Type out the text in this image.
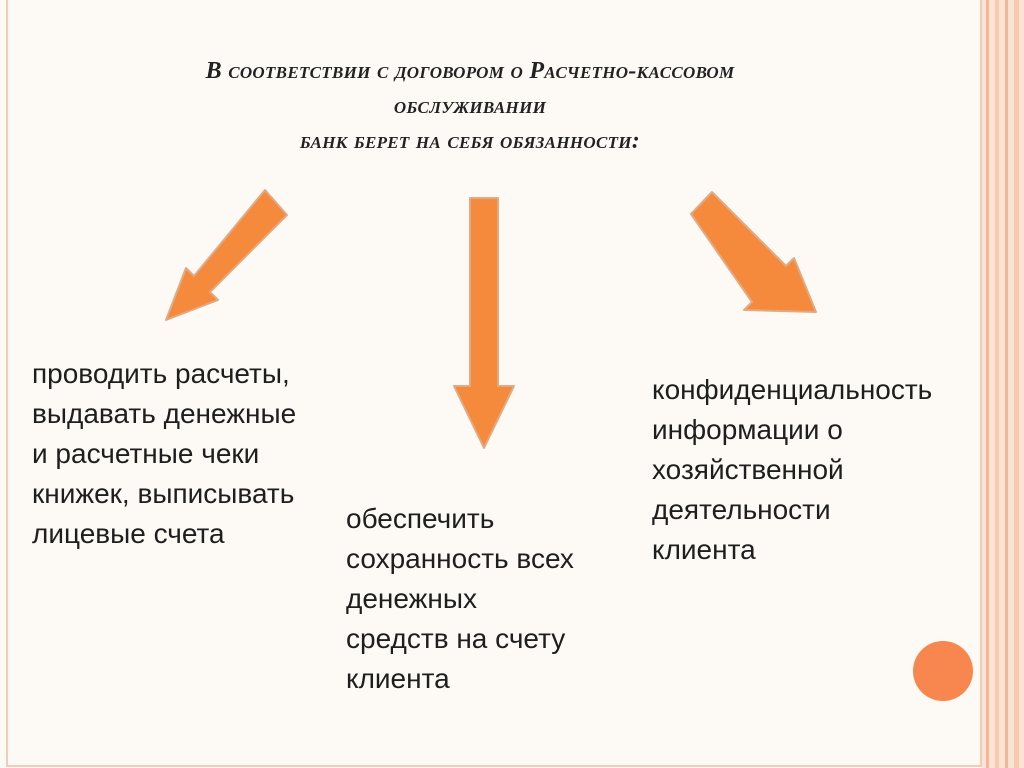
В соответствии с договором о Расчетно-кассовом
обслуживании
банк берет на себя обязанности:
проводить расчеты,
выдавать денежные
и расчетные чеки
книжек, выписывать
лицевые счета	обеспечить
сохранность всех
денежных
средств на счету
клиента
конфиденциальность
информации о
хозяйственной
деятельности
клиента
